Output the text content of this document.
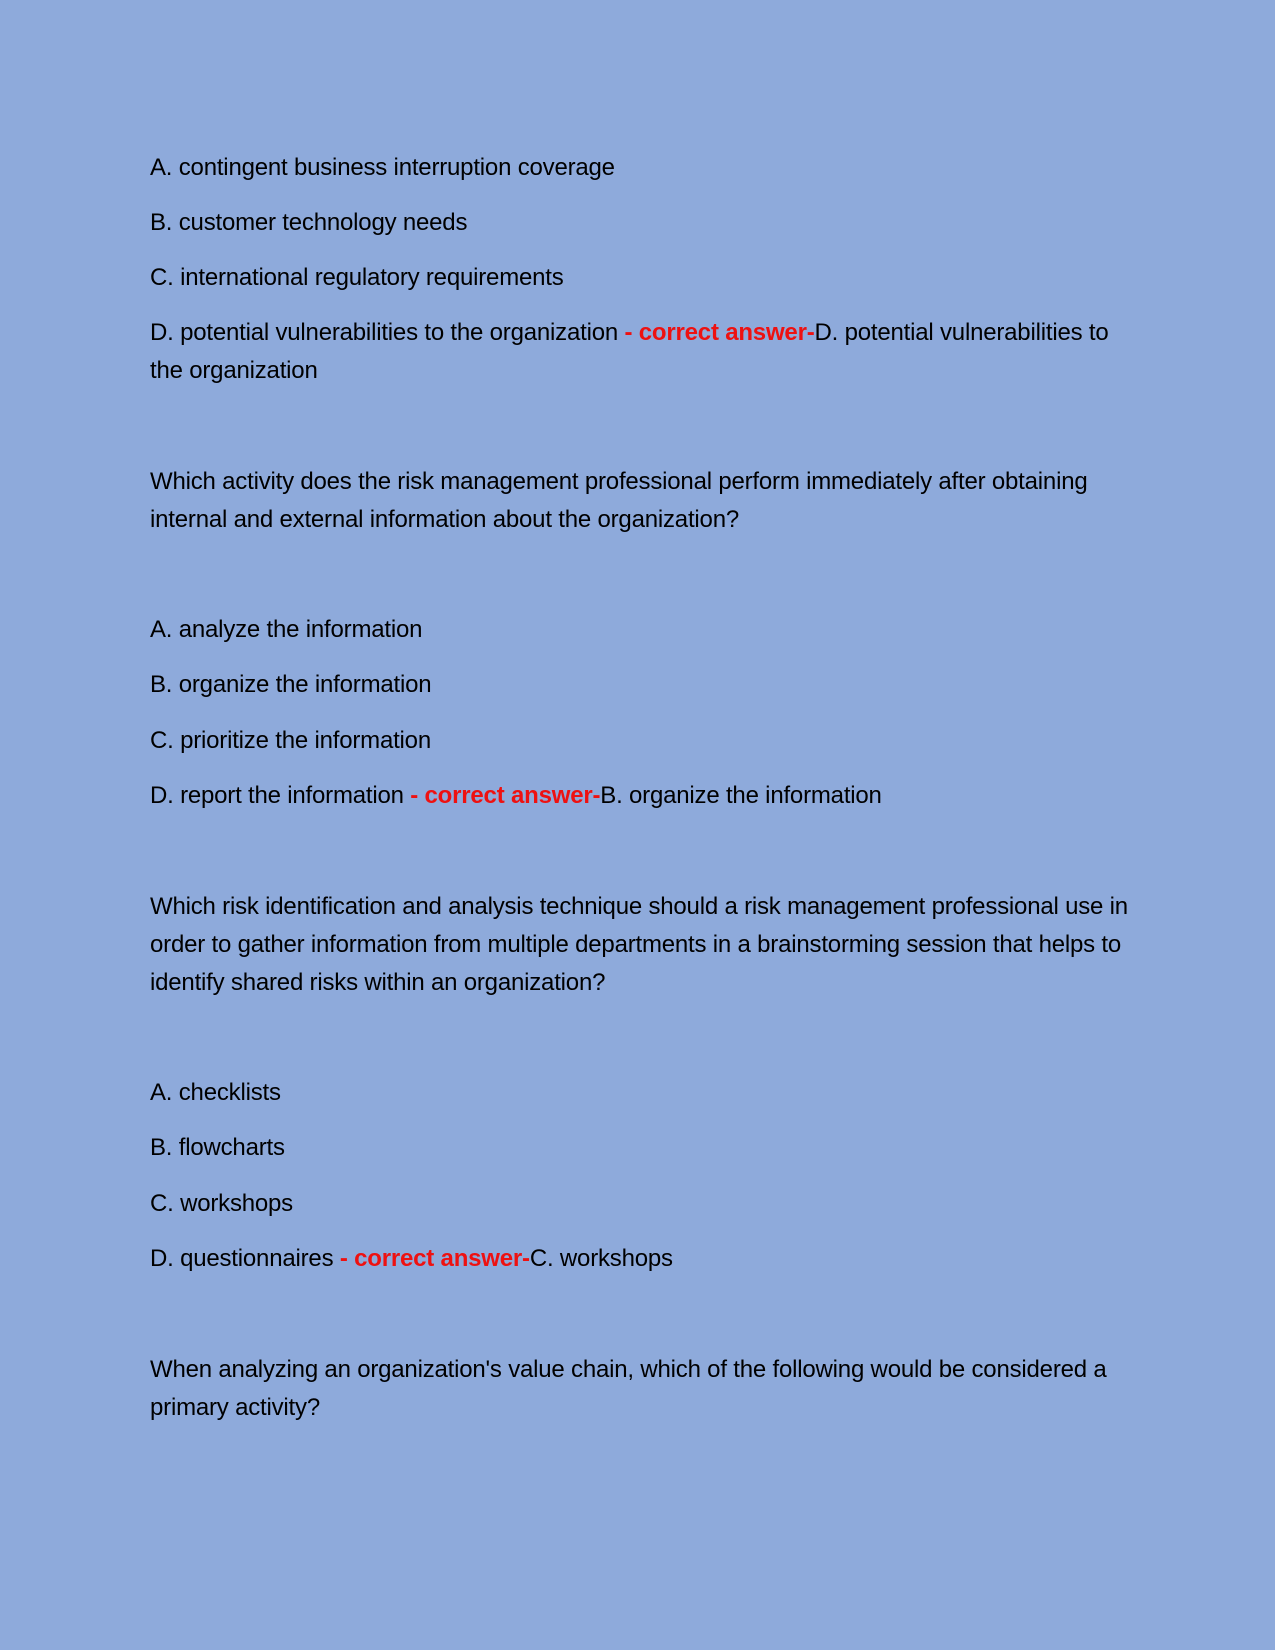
A. contingent business interruption coverage
B. customer technology needs
C. international regulatory requirements
D. potential vulnerabilities to the organization - correct answer-D. potential vulnerabilities to the organization
Which activity does the risk management professional perform immediately after obtaining internal and external information about the organization?
A. analyze the information
B. organize the information
C. prioritize the information
D. report the information - correct answer-B. organize the information
Which risk identification and analysis technique should a risk management professional use in order to gather information from multiple departments in a brainstorming session that helps to identify shared risks within an organization?
A. checklists
B. flowcharts
C. workshops
D. questionnaires - correct answer-C. workshops
When analyzing an organization's value chain, which of the following would be considered a primary activity?
